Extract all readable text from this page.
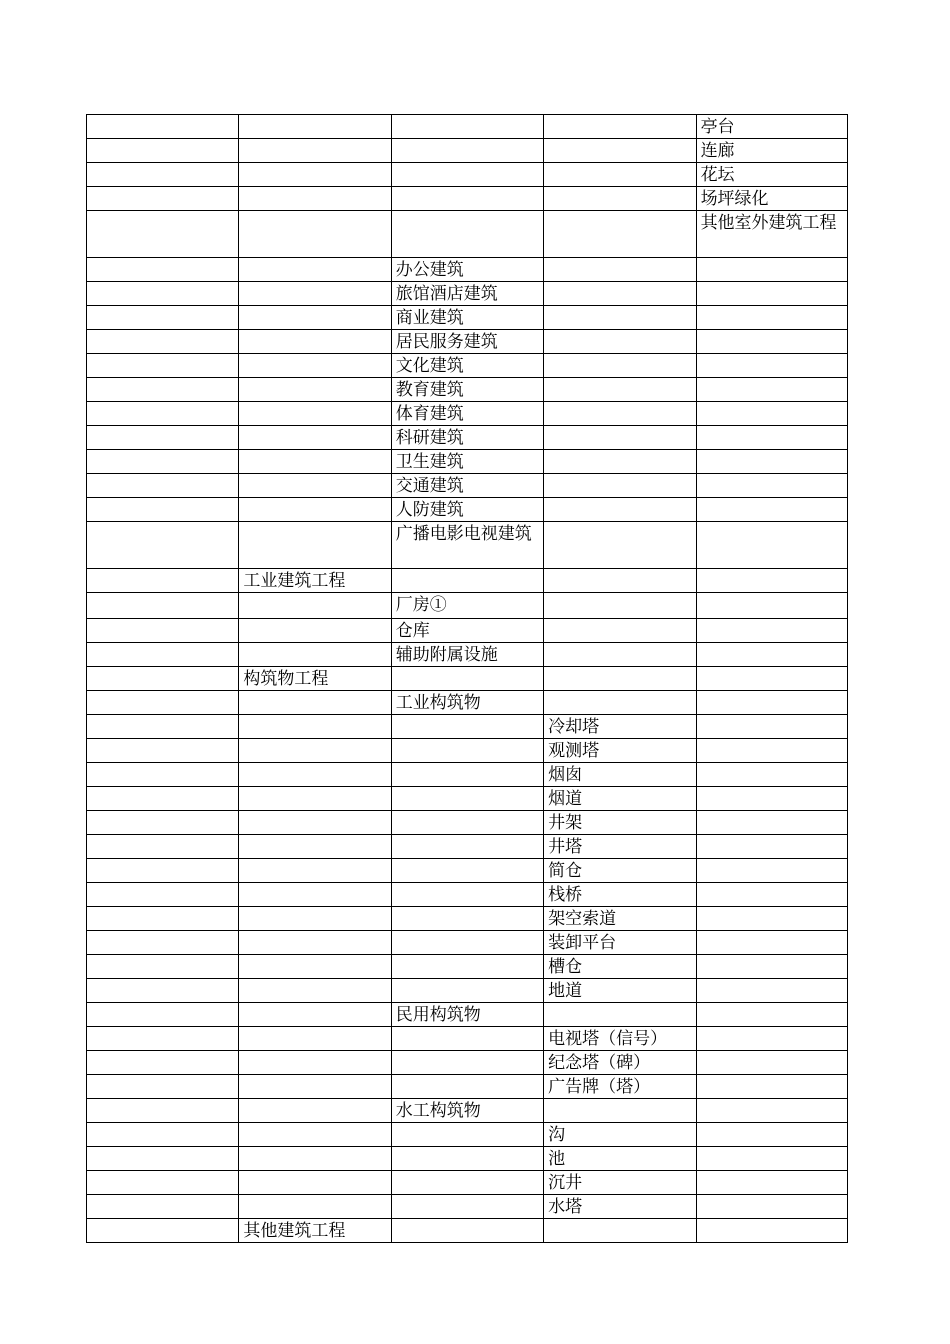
				亭台
				连廊
				花坛
				场坪绿化
				其他室外建筑工程
		办公建筑		
		旅馆酒店建筑		
		商业建筑		
		居民服务建筑		
		文化建筑		
		教育建筑		
		体育建筑		
		科研建筑		
		卫生建筑		
		交通建筑		
		人防建筑		
		广播电影电视建筑		
	工业建筑工程			
		厂房①		
		仓库		
		辅助附属设施		
	构筑物工程			
		工业构筑物		
			冷却塔	
			观测塔	
			烟囱	
			烟道	
			井架	
			井塔	
			简仓	
			栈桥	
			架空索道	
			装卸平台	
			槽仓	
			地道	
		民用构筑物		
			电视塔（信号）	
			纪念塔（碑）	
			广告牌（塔）	
		水工构筑物		
			沟	
			池	
			沉井	
			水塔	
	其他建筑工程			
